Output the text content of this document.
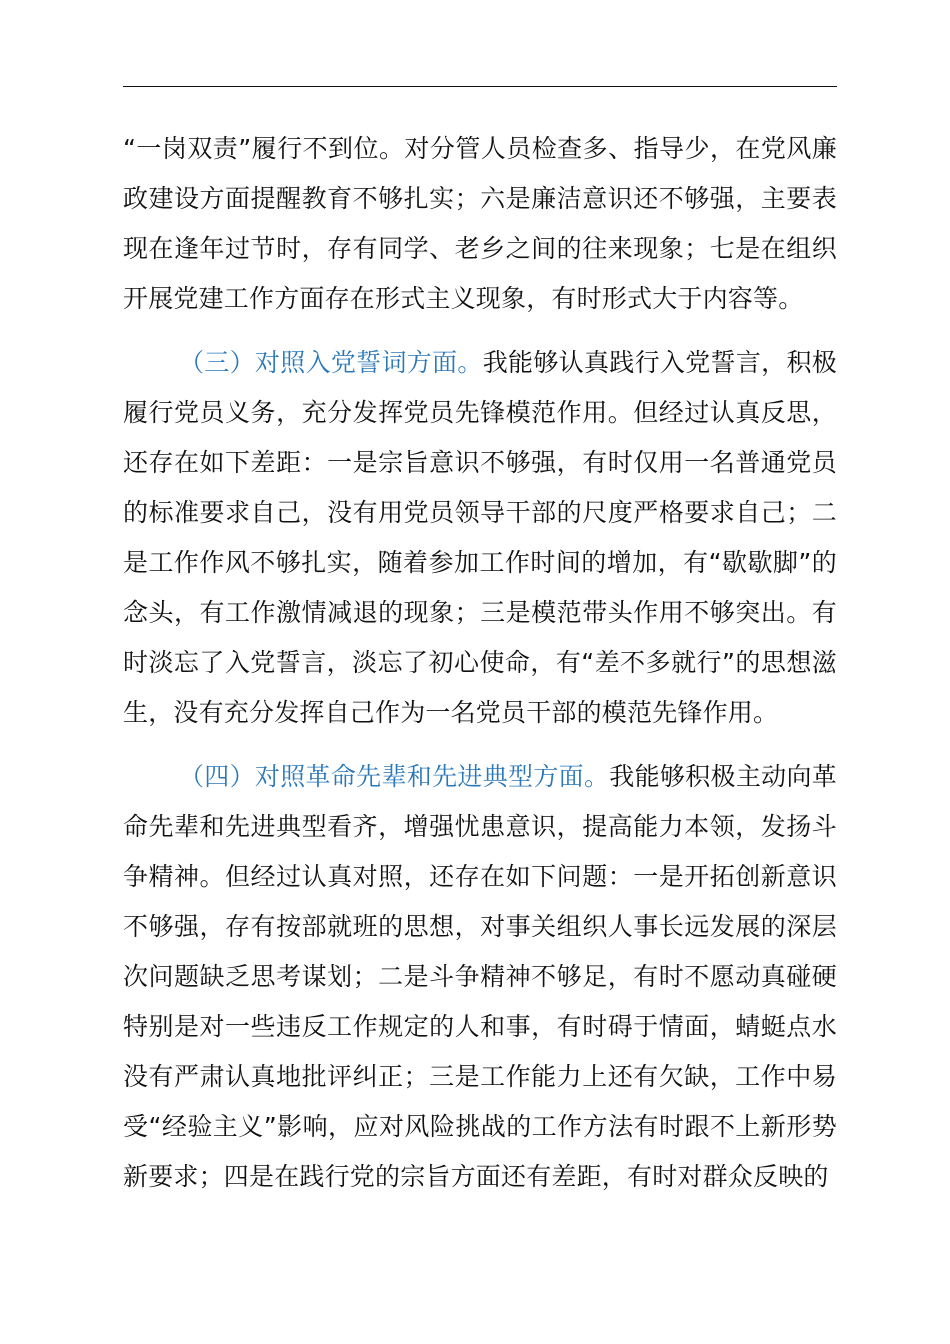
“一岗双责”履行不到位。对分管人员检查多、指导少，在党风廉政建设方面提醒教育不够扎实；六是廉洁意识还不够强，主要表现在逢年过节时，存有同学、老乡之间的往来现象；七是在组织开展党建工作方面存在形式主义现象，有时形式大于内容等。

（三）对照入党誓词方面。我能够认真践行入党誓言，积极履行党员义务，充分发挥党员先锋模范作用。但经过认真反思，还存在如下差距：一是宗旨意识不够强，有时仅用一名普通党员的标准要求自己，没有用党员领导干部的尺度严格要求自己；二是工作作风不够扎实，随着参加工作时间的增加，有“歇歇脚”的念头，有工作激情减退的现象；三是模范带头作用不够突出。有时淡忘了入党誓言，淡忘了初心使命，有“差不多就行”的思想滋生，没有充分发挥自己作为一名党员干部的模范先锋作用。

（四）对照革命先辈和先进典型方面。我能够积极主动向革命先辈和先进典型看齐，增强忧患意识，提高能力本领，发扬斗争精神。但经过认真对照，还存在如下问题：一是开拓创新意识不够强，存有按部就班的思想，对事关组织人事长远发展的深层次问题缺乏思考谋划；二是斗争精神不够足，有时不愿动真碰硬特别是对一些违反工作规定的人和事，有时碍于情面，蜻蜓点水没有严肃认真地批评纠正；三是工作能力上还有欠缺，工作中易受“经验主义”影响，应对风险挑战的工作方法有时跟不上新形势新要求；四是在践行党的宗旨方面还有差距，有时对群众反映的
